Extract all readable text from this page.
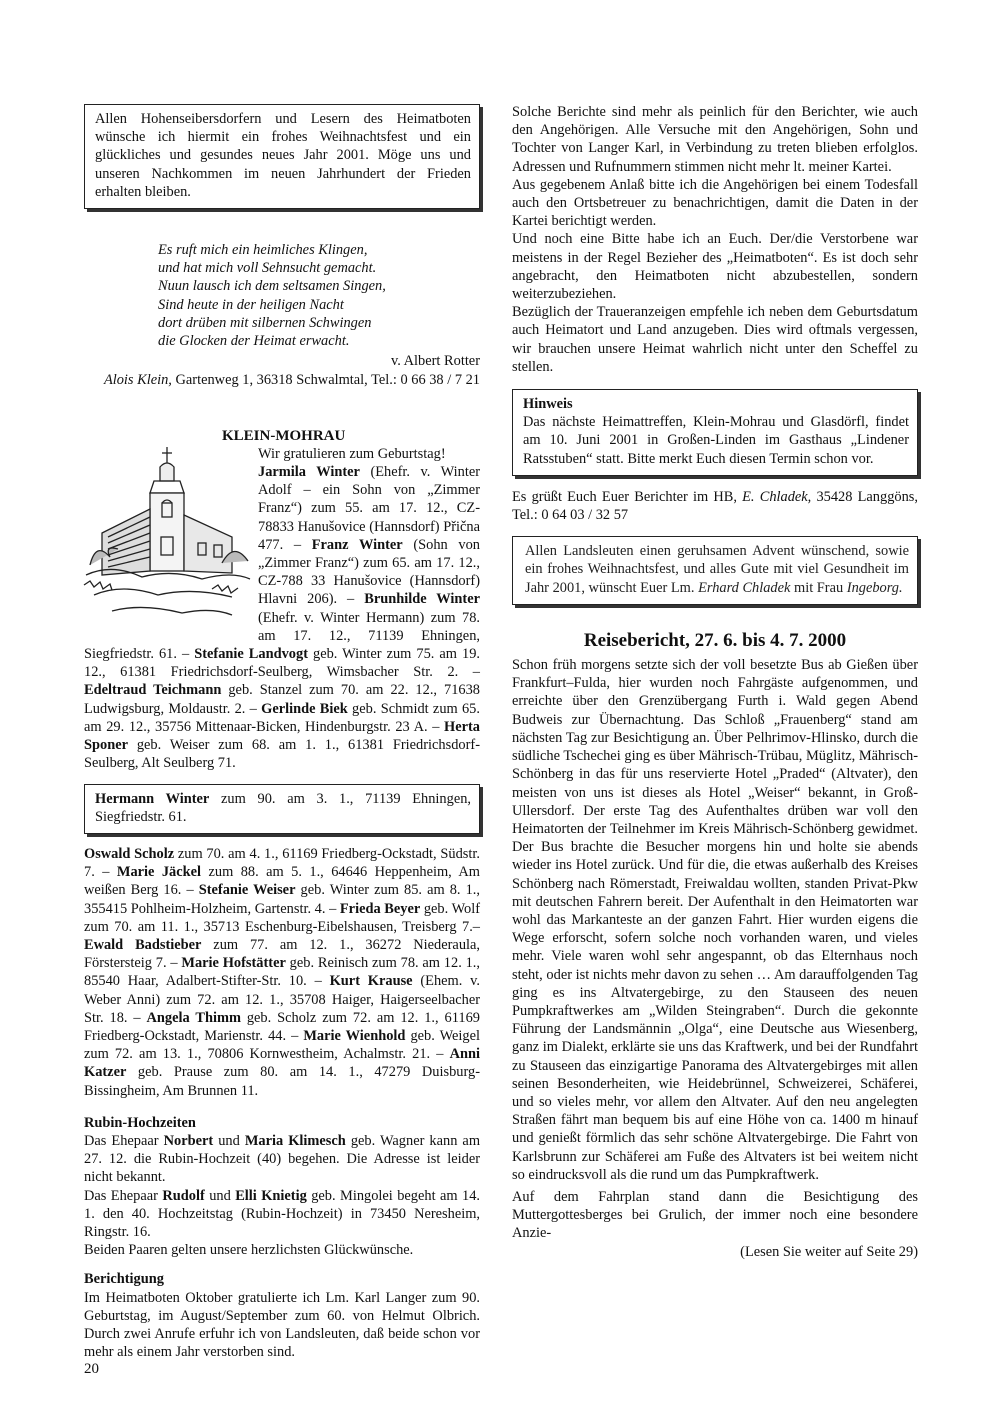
Allen Hohenseibersdorfern und Lesern des Heimatboten wünsche ich hiermit ein frohes Weihnachtsfest und ein glückliches und gesundes neues Jahr 2001. Möge uns und unseren Nachkommen im neuen Jahrhundert der Frieden erhalten bleiben.

Es ruft mich ein heimliches Klingen,
und hat mich voll Sehnsucht gemacht.
Nuun lausch ich dem seltsamen Singen,
Sind heute in der heiligen Nacht
dort drüben mit silbernen Schwingen
die Glocken der Heimat erwacht.
v. Albert Rotter
Alois Klein, Gartenweg 1, 36318 Schwalmtal, Tel.: 0 66 38 / 7 21
KLEIN-MOHRAU

Wir gratulieren zum Geburtstag!
Jarmila Winter (Ehefr. v. Winter Adolf – ein Sohn von „Zimmer Franz“) zum 55. am 17. 12., CZ-78833 Hanušovice (Hannsdorf) Přična 477. – Franz Winter (Sohn von „Zimmer Franz“) zum 65. am 17. 12., CZ-788 33 Hanušovice (Hannsdorf) Hlavni 206). – Brunhilde Winter (Ehefr. v. Winter Hermann) zum 78. am 17. 12., 71139 Ehningen, Siegfriedstr. 61. – Stefanie Landvogt geb. Winter zum 75. am 19. 12., 61381 Friedrichsdorf-Seulberg, Wimsbacher Str. 2. – Edeltraud Teichmann geb. Stanzel zum 70. am 22. 12., 71638 Ludwigsburg, Moldaustr. 2. – Gerlinde Biek geb. Schmidt zum 65. am 29. 12., 35756 Mittenaar-Bicken, Hindenburgstr. 23 A. – Herta Sponer geb. Weiser zum 68. am 1. 1., 61381 Friedrichsdorf-Seulberg, Alt Seulberg 71.

Hermann Winter zum 90. am 3. 1., 71139 Ehningen, Siegfriedstr. 61.

Oswald Scholz zum 70. am 4. 1., 61169 Friedberg-Ockstadt, Südstr. 7. – Marie Jäckel zum 88. am 5. 1., 64646 Heppenheim, Am weißen Berg 16. – Stefanie Weiser geb. Winter zum 85. am 8. 1., 355415 Pohlheim-Holzheim, Gartenstr. 4. – Frieda Beyer geb. Wolf zum 70. am 11. 1., 35713 Eschenburg-Eibelshausen, Treisberg 7.– Ewald Badstieber zum 77. am 12. 1., 36272 Niederaula, Förstersteig 7. – Marie Hofstätter geb. Reinisch zum 78. am 12. 1., 85540 Haar, Adalbert-Stifter-Str. 10. – Kurt Krause (Ehem. v. Weber Anni) zum 72. am 12. 1., 35708 Haiger, Haigerseelbacher Str. 18. – Angela Thimm geb. Scholz zum 72. am 12. 1., 61169 Friedberg-Ockstadt, Marienstr. 44. – Marie Wienhold geb. Weigel zum 72. am 13. 1., 70806 Kornwestheim, Achalmstr. 21. – Anni Katzer geb. Prause zum 80. am 14. 1., 47279 Duisburg-Bissingheim, Am Brunnen 11.

Rubin-Hochzeiten

Das Ehepaar Norbert und Maria Klimesch geb. Wagner kann am 27. 12. die Rubin-Hochzeit (40) begehen. Die Adresse ist leider nicht bekannt.

Das Ehepaar Rudolf und Elli Knietig geb. Mingolei begeht am 14. 1. den 40. Hochzeitstag (Rubin-Hochzeit) in 73450 Neresheim, Ringstr. 16.

Beiden Paaren gelten unsere herzlichsten Glückwünsche.

Berichtigung

Im Heimatboten Oktober gratulierte ich Lm. Karl Langer zum 90. Geburtstag, im August/September zum 60. von Helmut Olbrich. Durch zwei Anrufe erfuhr ich von Landsleuten, daß beide schon vor mehr als einem Jahr verstorben sind.

Solche Berichte sind mehr als peinlich für den Berichter, wie auch den Angehörigen. Alle Versuche mit den Angehörigen, Sohn und Tochter von Langer Karl, in Verbindung zu treten blieben erfolglos. Adressen und Rufnummern stimmen nicht mehr lt. meiner Kartei.

Aus gegebenem Anlaß bitte ich die Angehörigen bei einem Todesfall auch den Ortsbetreuer zu benachrichtigen, damit die Daten in der Kartei berichtigt werden.

Und noch eine Bitte habe ich an Euch. Der/die Verstorbene war meistens in der Regel Bezieher des „Heimatboten“. Es ist doch sehr angebracht, den Heimatboten nicht abzubestellen, sondern weiterzubeziehen.

Bezüglich der Traueranzeigen empfehle ich neben dem Geburtsdatum auch Heimatort und Land anzugeben. Dies wird oftmals vergessen, wir brauchen unsere Heimat wahrlich nicht unter den Scheffel zu stellen.

Hinweis

Das nächste Heimattreffen, Klein-Mohrau und Glasdörfl, findet am 10. Juni 2001 in Großen-Linden im Gasthaus „Lindener Ratsstuben“ statt. Bitte merkt Euch diesen Termin schon vor.

Es grüßt Euch Euer Berichter im HB, E. Chladek, 35428 Langgöns, Tel.: 0 64 03 / 32 57

Allen Landsleuten einen geruhsamen Advent wünschend, sowie ein frohes Weihnachtsfest, und alles Gute mit viel Gesundheit im Jahr 2001, wünscht Euer Lm. Erhard Chladek mit Frau Ingeborg.

Reisebericht, 27. 6. bis 4. 7. 2000

Schon früh morgens setzte sich der voll besetzte Bus ab Gießen über Frankfurt–Fulda, hier wurden noch Fahrgäste aufgenommen, und erreichte über den Grenzübergang Furth i. Wald gegen Abend Budweis zur Übernachtung. Das Schloß „Frauenberg“ stand am nächsten Tag zur Besichtigung an. Über Pelhrimov-Hlinsko, durch die südliche Tschechei ging es über Mährisch-Trübau, Müglitz, Mährisch-Schönberg in das für uns reservierte Hotel „Praded“ (Altvater), den meisten von uns ist dieses als Hotel „Weiser“ bekannt, in Groß-Ullersdorf. Der erste Tag des Aufenthaltes drüben war voll den Heimatorten der Teilnehmer im Kreis Mährisch-Schönberg gewidmet. Der Bus brachte die Besucher morgens hin und holte sie abends wieder ins Hotel zurück. Und für die, die etwas außerhalb des Kreises Schönberg nach Römerstadt, Freiwaldau wollten, standen Privat-Pkw mit deutschen Fahrern bereit. Der Aufenthalt in den Heimatorten war wohl das Markanteste an der ganzen Fahrt. Hier wurden eigens die Wege erforscht, sofern solche noch vorhanden waren, und vieles mehr. Viele waren wohl sehr angespannt, ob das Elternhaus noch steht, oder ist nichts mehr davon zu sehen … Am darauffolgenden Tag ging es ins Altvatergebirge, zu den Stauseen des neuen Pumpkraftwerkes am „Wilden Steingraben“. Durch die gekonnte Führung der Landsmännin „Olga“, eine Deutsche aus Wiesenberg, ganz im Dialekt, erklärte sie uns das Kraftwerk, und bei der Rundfahrt zu Stauseen das einzigartige Panorama des Altvatergebirges mit allen seinen Besonderheiten, wie Heidebrünnel, Schweizerei, Schäferei, und so vieles mehr, vor allem den Altvater. Auf den neu angelegten Straßen fährt man bequem bis auf eine Höhe von ca. 1400 m hinauf und genießt förmlich das sehr schöne Altvatergebirge. Die Fahrt von Karlsbrunn zur Schäferei am Fuße des Altvaters ist bei weitem nicht so eindrucksvoll als die rund um das Pumpkraftwerk.

Auf dem Fahrplan stand dann die Besichtigung des Muttergottesberges bei Grulich, der immer noch eine besondere Anzie-

(Lesen Sie weiter auf Seite 29)
20
